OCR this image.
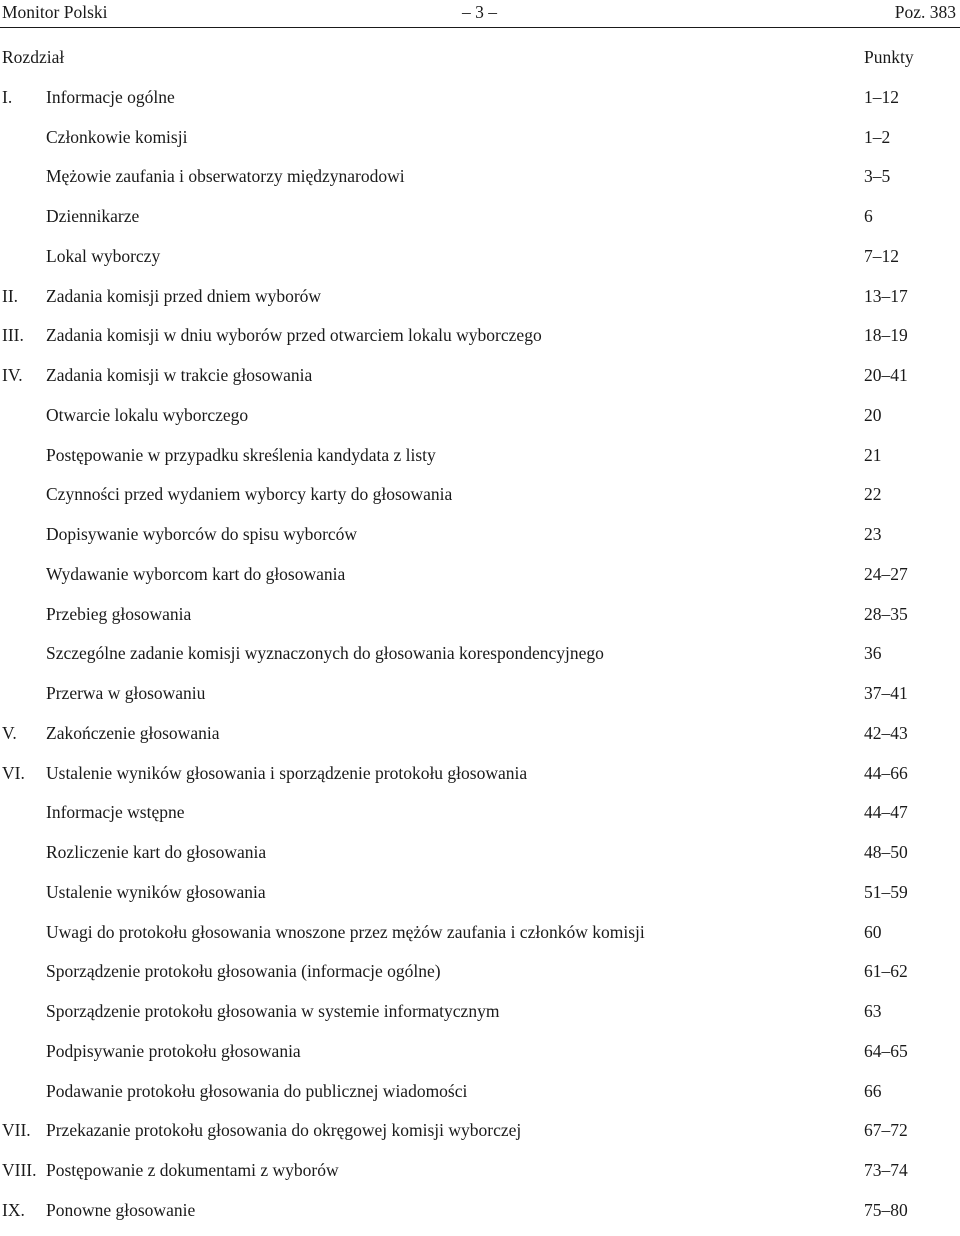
Monitor Polski	– 3 –	Poz. 383
Rozdział	Punkty
I. Informacje ogólne	1–12
Członkowie komisji	1–2
Mężowie zaufania i obserwatorzy międzynarodowi	3–5
Dziennikarze	6
Lokal wyborczy	7–12
II. Zadania komisji przed dniem wyborów	13–17
III. Zadania komisji w dniu wyborów przed otwarciem lokalu wyborczego	18–19
IV. Zadania komisji w trakcie głosowania	20–41
Otwarcie lokalu wyborczego	20
Postępowanie w przypadku skreślenia kandydata z listy	21
Czynności przed wydaniem wyborcy karty do głosowania	22
Dopisywanie wyborców do spisu wyborców	23
Wydawanie wyborcom kart do głosowania	24–27
Przebieg głosowania	28–35
Szczególne zadanie komisji wyznaczonych do głosowania korespondencyjnego	36
Przerwa w głosowaniu	37–41
V. Zakończenie głosowania	42–43
VI. Ustalenie wyników głosowania i sporządzenie protokołu głosowania	44–66
Informacje wstępne	44–47
Rozliczenie kart do głosowania	48–50
Ustalenie wyników głosowania	51–59
Uwagi do protokołu głosowania wnoszone przez mężów zaufania i członków komisji	60
Sporządzenie protokołu głosowania (informacje ogólne)	61–62
Sporządzenie protokołu głosowania w systemie informatycznym	63
Podpisywanie protokołu głosowania	64–65
Podawanie protokołu głosowania do publicznej wiadomości	66
VII. Przekazanie protokołu głosowania do okręgowej komisji wyborczej	67–72
VIII. Postępowanie z dokumentami z wyborów	73–74
IX. Ponowne głosowanie	75–80
